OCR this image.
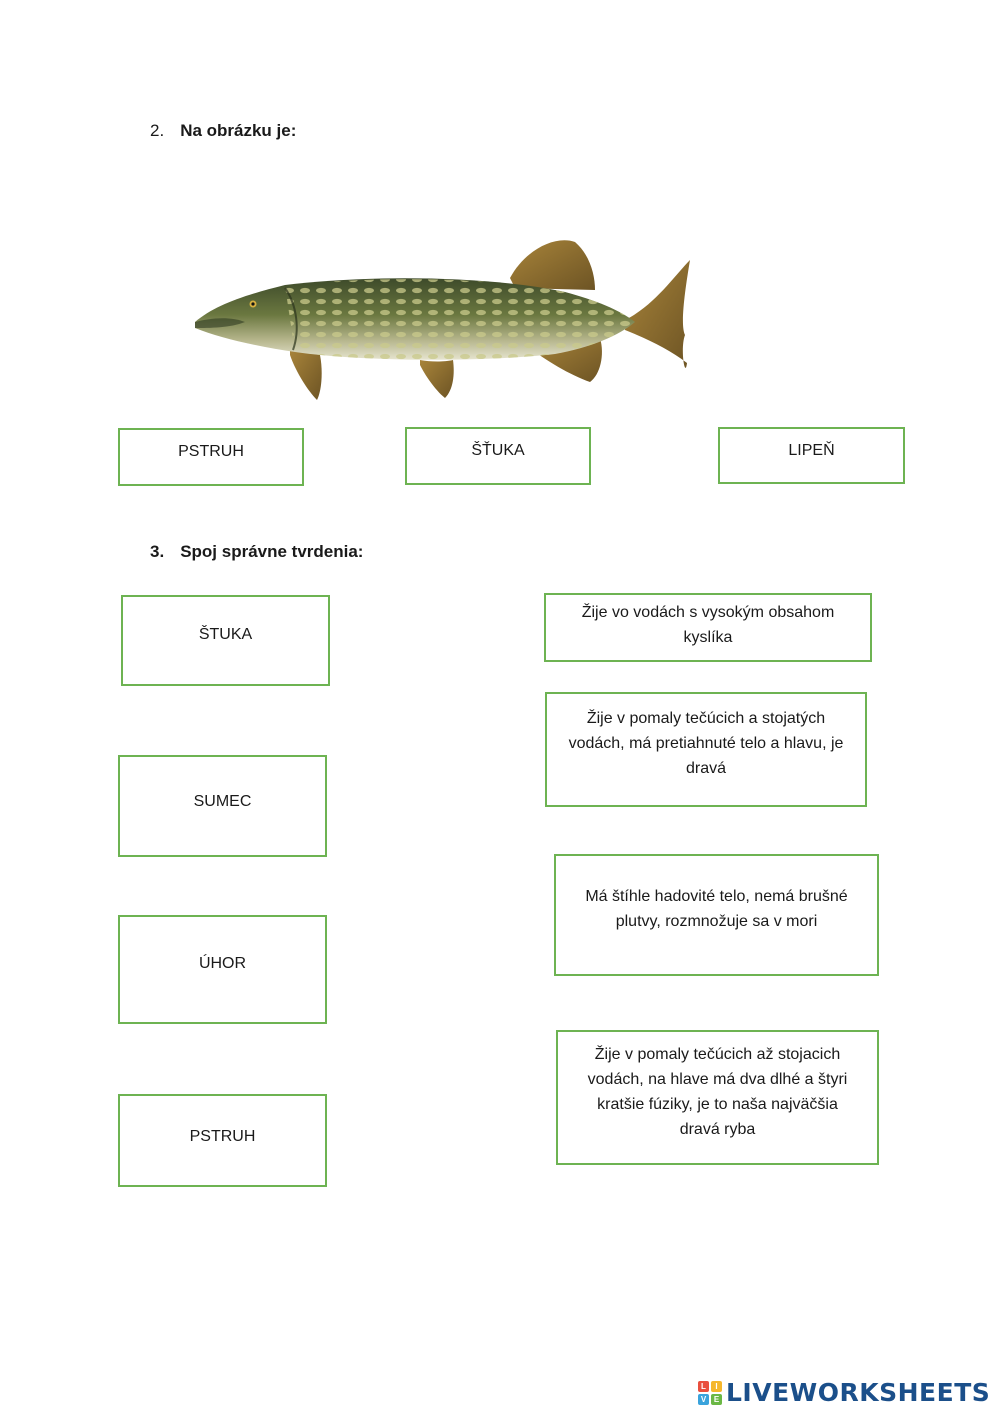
2. Na obrázku je:
PSTRUH	ŠŤUKA	LIPEŇ
3. Spoj správne tvrdenia:
ŠTUKA
SUMEC
ÚHOR
PSTRUH
Žije vo vodách s vysokým obsahom kyslíka
Žije v pomaly tečúcich a stojatých vodách, má pretiahnuté telo a hlavu, je dravá
Má štíhle hadovité telo, nemá brušné plutvy, rozmnožuje sa v mori
Žije v pomaly tečúcich až stojacich vodách, na hlave má dva dlhé a štyri kratšie fúziky, je to naša najväčšia dravá ryba
L	I
V E LIVEWORKSHEETS
